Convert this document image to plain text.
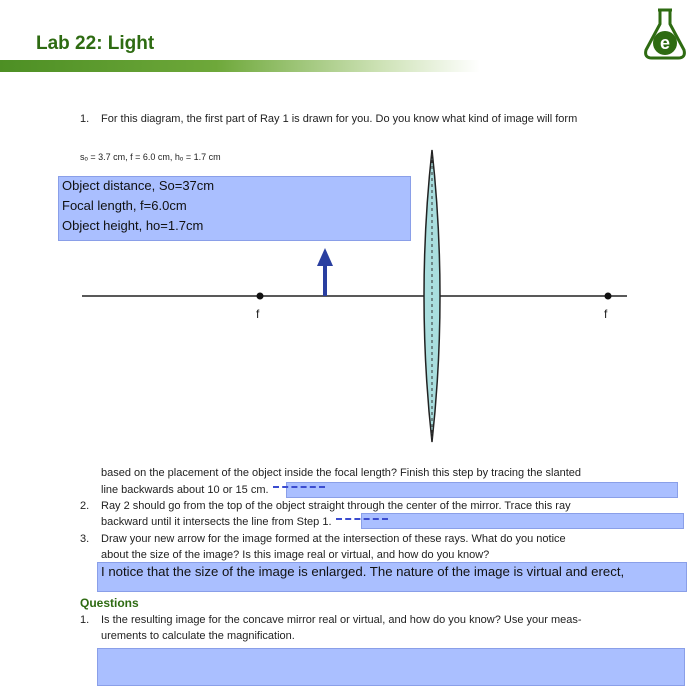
Lab 22: Light	e
1. For this diagram, the first part of Ray 1 is drawn for you. Do you know what kind of image will form
sₒ = 3.7 cm, f = 6.0 cm, hₒ = 1.7 cm
Object distance, So=37cm
Focal length, f=6.0cm
Object height, ho=1.7cm
f	f
based on the placement of the object inside the focal length? Finish this step by tracing the slanted
line backwards about 10 or 15 cm.
2. Ray 2 should go from the top of the object straight through the center of the mirror. Trace this ray
backward until it intersects the line from Step 1.
3. Draw your new arrow for the image formed at the intersection of these rays. What do you notice
about the size of the image? Is this image real or virtual, and how do you know?
I notice that the size of the image is enlarged. The nature of the image is virtual and erect,
Questions
1. Is the resulting image for the concave mirror real or virtual, and how do you know? Use your meas-
urements to calculate the magnification.
